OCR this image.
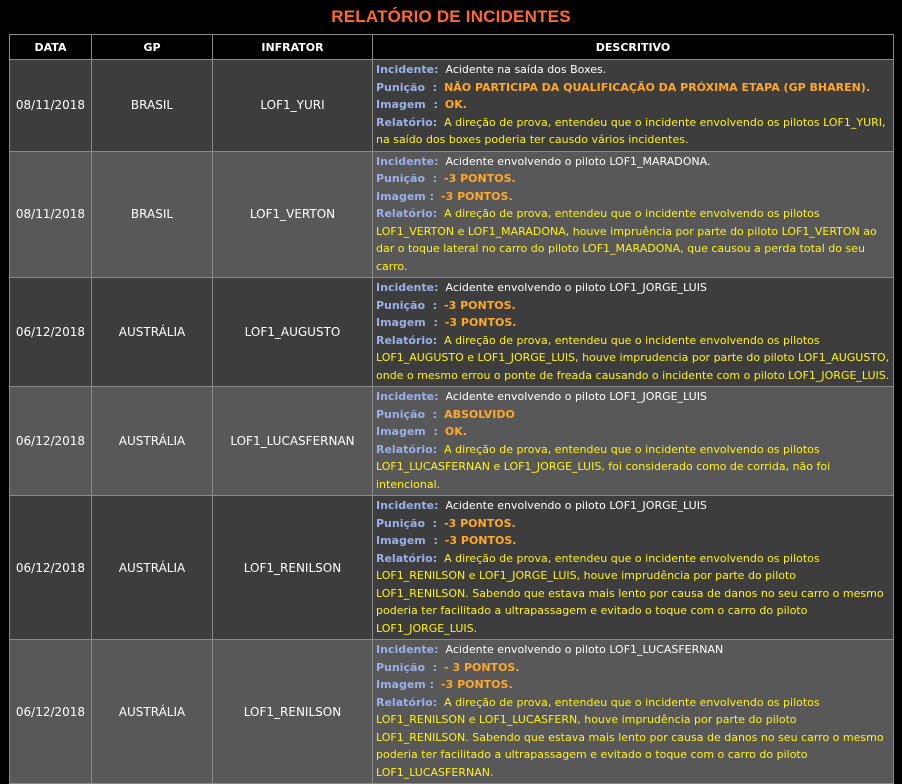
RELATÓRIO DE INCIDENTES
DATA	GP	INFRATOR	DESCRITIVO
08/11/2018	BRASIL	LOF1_YURI	Incidente: Acidente na saída dos Boxes.
Punição  : NÃO PARTICIPA DA QUALIFICAÇÃO DA PRÓXIMA ETAPA (GP BHAREN).
Imagem  : OK.
Relatório: A direção de prova, entendeu que o incidente envolvendo os pilotos LOF1_YURI, na saído dos boxes poderia ter causdo vários incidentes.

08/11/2018	BRASIL	LOF1_VERTON	Incidente: Acidente envolvendo o piloto LOF1_MARADONA.
Punição  : -3 PONTOS.
Imagem : -3 PONTOS.
Relatório: A direção de prova, entendeu que o incidente envolvendo os pilotos LOF1_VERTON e LOF1_MARADONA, houve impruência por parte do piloto LOF1_VERTON ao dar o toque lateral no carro do piloto LOF1_MARADONA, que causou a perda total do seu carro.

06/12/2018	AUSTRÁLIA	LOF1_AUGUSTO	Incidente: Acidente envolvendo o piloto LOF1_JORGE_LUIS
Punição  : -3 PONTOS.
Imagem  : -3 PONTOS.
Relatório: A direção de prova, entendeu que o incidente envolvendo os pilotos LOF1_AUGUSTO e LOF1_JORGE_LUIS, houve imprudencia por parte do piloto LOF1_AUGUSTO, onde o mesmo errou o ponte de freada causando o incidente com o piloto LOF1_JORGE_LUIS.

06/12/2018	AUSTRÁLIA	LOF1_LUCASFERNAN	Incidente: Acidente envolvendo o piloto LOF1_JORGE_LUIS
Punição  : ABSOLVIDO
Imagem  : OK.
Relatório: A direção de prova, entendeu que o incidente envolvendo os pilotos LOF1_LUCASFERNAN e LOF1_JORGE_LUIS, foi considerado como de corrida, não foi intencional.

06/12/2018	AUSTRÁLIA	LOF1_RENILSON	Incidente: Acidente envolvendo o piloto LOF1_JORGE_LUIS
Punição  : -3 PONTOS.
Imagem  : -3 PONTOS.
Relatório: A direção de prova, entendeu que o incidente envolvendo os pilotos LOF1_RENILSON e LOF1_JORGE_LUIS, houve imprudência por parte do piloto LOF1_RENILSON. Sabendo que estava mais lento por causa de danos no seu carro o mesmo poderia ter facilitado a ultrapassagem e evitado o toque com o carro do piloto LOF1_JORGE_LUIS.

06/12/2018	AUSTRÁLIA	LOF1_RENILSON	Incidente: Acidente envolvendo o piloto LOF1_LUCASFERNAN
Punição  : - 3 PONTOS.
Imagem : -3 PONTOS.
Relatório: A direção de prova, entendeu que o incidente envolvendo os pilotos LOF1_RENILSON e LOF1_LUCASFERN, houve imprudência por parte do piloto LOF1_RENILSON. Sabendo que estava mais lento por causa de danos no seu carro o mesmo poderia ter facilitado a ultrapassagem e evitado o toque com o carro do piloto LOF1_LUCASFERNAN.
